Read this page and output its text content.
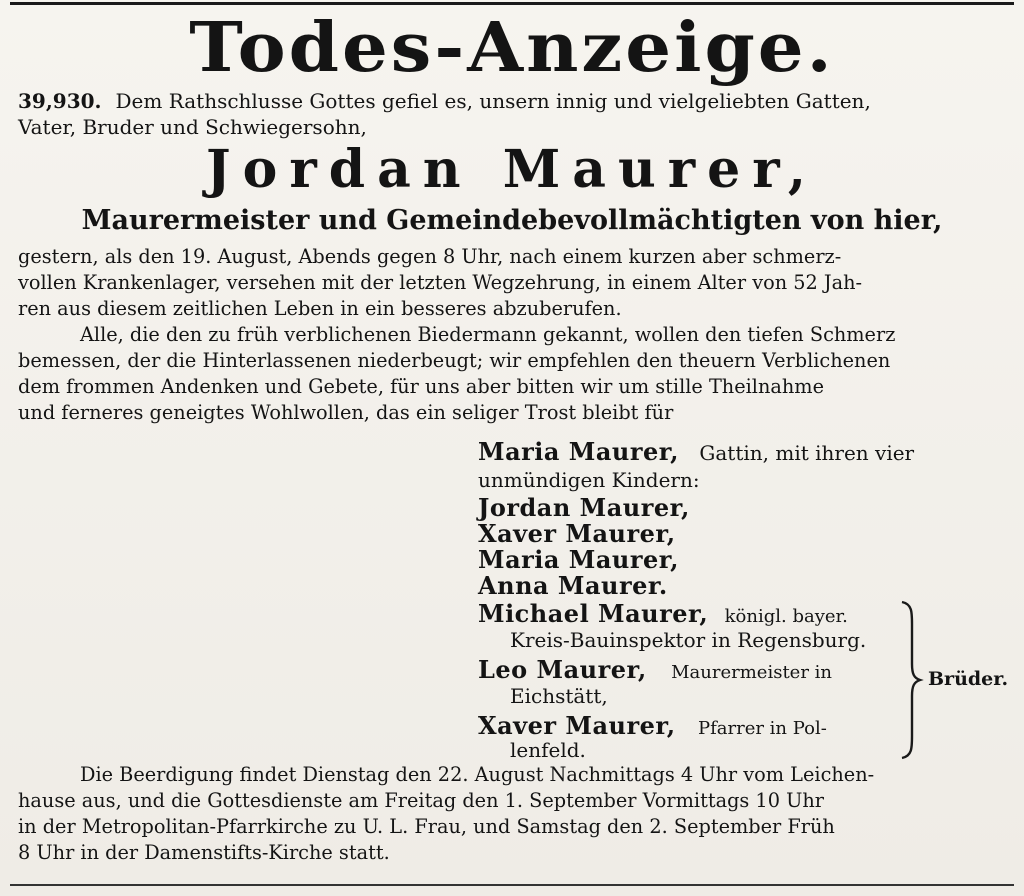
Todes-Anzeige.
39,930. Dem Rathschlusse Gottes gefiel es, unsern innig und vielgeliebten Gatten,
Vater, Bruder und Schwiegersohn,
Jordan Maurer,
Maurermeister und Gemeindebevollmächtigten von hier,
gestern, als den 19. August, Abends gegen 8 Uhr, nach einem kurzen aber schmerz-
vollen Krankenlager, versehen mit der letzten Wegzehrung, in einem Alter von 52 Jah-
ren aus diesem zeitlichen Leben in ein besseres abzuberufen.
Alle, die den zu früh verblichenen Biedermann gekannt, wollen den tiefen Schmerz
bemessen, der die Hinterlassenen niederbeugt; wir empfehlen den theuern Verblichenen
dem frommen Andenken und Gebete, für uns aber bitten wir um stille Theilnahme
und ferneres geneigtes Wohlwollen, das ein seliger Trost bleibt für
Maria Maurer, Gattin, mit ihren vier
unmündigen Kindern:
Jordan Maurer,
Xaver Maurer,
Maria Maurer,
Anna Maurer.
Michael Maurer, königl. bayer.
Kreis-Bauinspektor in Regensburg.
Leo Maurer, Maurermeister in
Eichstätt,
Xaver Maurer, Pfarrer in Pol-
lenfeld.
Brüder.
Die Beerdigung findet Dienstag den 22. August Nachmittags 4 Uhr vom Leichen-
hause aus, und die Gottesdienste am Freitag den 1. September Vormittags 10 Uhr
in der Metropolitan-Pfarrkirche zu U. L. Frau, und Samstag den 2. September Früh
8 Uhr in der Damenstifts-Kirche statt.
